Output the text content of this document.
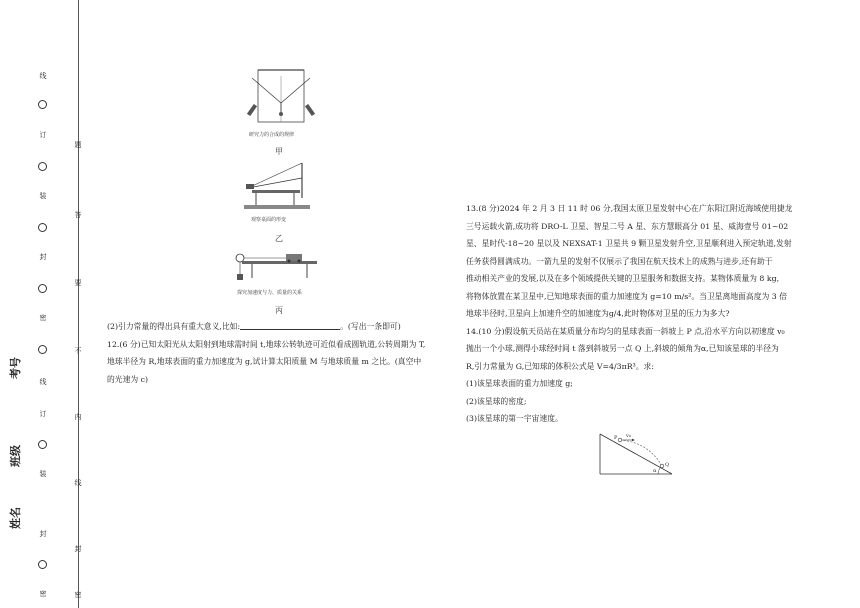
线
订
装
封
密
线
订
装
封
密
题
答
要
不
内
线
封
密
考号
班级
姓名
研究力的合成的规律
甲
观察桌面的形变
乙
探究加速度与力、质量的关系
丙

(2)引力常量的得出具有重大意义,比如:	。(写出一条即可)

12.(6 分)已知太阳光从太阳射到地球需时间 t,地球公转轨迹可近似看成圆轨道,公转周期为 T,

地球半径为 R,地球表面的重力加速度为 g,试计算太阳质量 M 与地球质量 m 之比。(真空中

的光速为 c)

13.(8 分)2024 年 2 月 3 日 11 时 06 分,我国太原卫星发射中心在广东阳江附近海域使用捷龙

三号运载火箭,成功将 DRO-L 卫星、智星二号 A 星、东方慧眼高分 01 星、威海壹号 01~02

星、星时代-18~20 星以及 NEXSAT-1 卫星共 9 颗卫星发射升空,卫星顺利进入预定轨道,发射

任务获得圆满成功。一箭九星的发射不仅展示了我国在航天技术上的成熟与进步,还有助于

推动相关产业的发展,以及在多个领域提供关键的卫星服务和数据支持。某物体质量为 8 kg,

将物体放置在某卫星中,已知地球表面的重力加速度为 g=10 m/s²。当卫星离地面高度为 3 倍

地球半径时,卫星向上加速升空的加速度为g/4,此时物体对卫星的压力为多大?

14.(10 分)假设航天员站在某质量分布均匀的星球表面一斜坡上 P 点,沿水平方向以初速度 v₀

抛出一个小球,测得小球经时间 t 落到斜坡另一点 Q 上,斜坡的倾角为α,已知该星球的半径为

R,引力常量为 G,已知球的体积公式是 V=4/3πR³。求:

(1)该星球表面的重力加速度 g;

(2)该星球的密度;

(3)该星球的第一宇宙速度。

P v₀
Q
α
